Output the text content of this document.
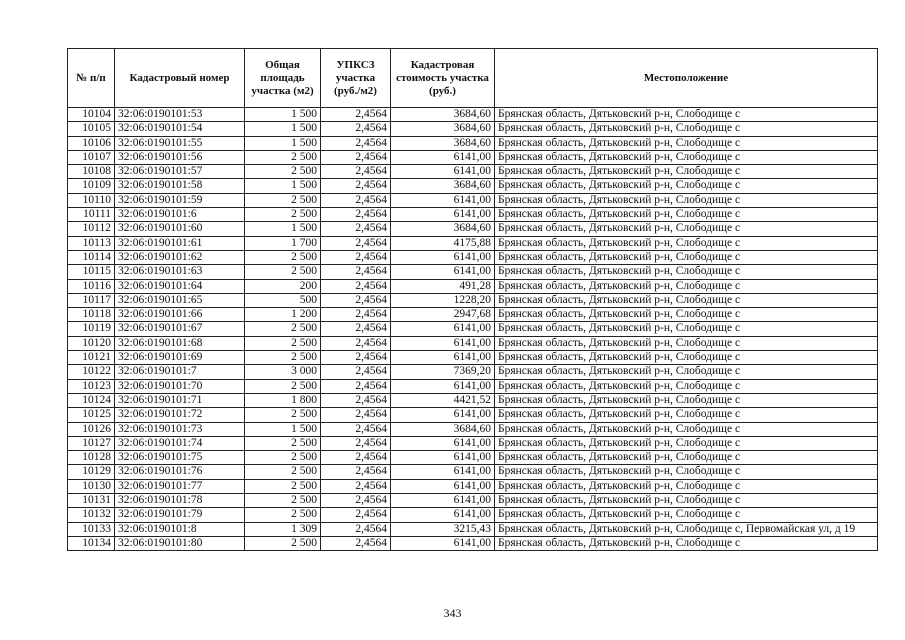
№ п/п	Кадастровый номер	Общая площадь участка (м2)	УПКСЗ участка (руб./м2)	Кадастровая стоимость участка (руб.)	Местоположение
10104	32:06:0190101:53	1 500	2,4564	3684,60	Брянская область, Дятьковский р-н, Слободище с
10105	32:06:0190101:54	1 500	2,4564	3684,60	Брянская область, Дятьковский р-н, Слободище с
10106	32:06:0190101:55	1 500	2,4564	3684,60	Брянская область, Дятьковский р-н, Слободище с
10107	32:06:0190101:56	2 500	2,4564	6141,00	Брянская область, Дятьковский р-н, Слободище с
10108	32:06:0190101:57	2 500	2,4564	6141,00	Брянская область, Дятьковский р-н, Слободище с
10109	32:06:0190101:58	1 500	2,4564	3684,60	Брянская область, Дятьковский р-н, Слободище с
10110	32:06:0190101:59	2 500	2,4564	6141,00	Брянская область, Дятьковский р-н, Слободище с
10111	32:06:0190101:6	2 500	2,4564	6141,00	Брянская область, Дятьковский р-н, Слободище с
10112	32:06:0190101:60	1 500	2,4564	3684,60	Брянская область, Дятьковский р-н, Слободище с
10113	32:06:0190101:61	1 700	2,4564	4175,88	Брянская область, Дятьковский р-н, Слободище с
10114	32:06:0190101:62	2 500	2,4564	6141,00	Брянская область, Дятьковский р-н, Слободище с
10115	32:06:0190101:63	2 500	2,4564	6141,00	Брянская область, Дятьковский р-н, Слободище с
10116	32:06:0190101:64	200	2,4564	491,28	Брянская область, Дятьковский р-н, Слободище с
10117	32:06:0190101:65	500	2,4564	1228,20	Брянская область, Дятьковский р-н, Слободище с
10118	32:06:0190101:66	1 200	2,4564	2947,68	Брянская область, Дятьковский р-н, Слободище с
10119	32:06:0190101:67	2 500	2,4564	6141,00	Брянская область, Дятьковский р-н, Слободище с
10120	32:06:0190101:68	2 500	2,4564	6141,00	Брянская область, Дятьковский р-н, Слободище с
10121	32:06:0190101:69	2 500	2,4564	6141,00	Брянская область, Дятьковский р-н, Слободище с
10122	32:06:0190101:7	3 000	2,4564	7369,20	Брянская область, Дятьковский р-н, Слободище с
10123	32:06:0190101:70	2 500	2,4564	6141,00	Брянская область, Дятьковский р-н, Слободище с
10124	32:06:0190101:71	1 800	2,4564	4421,52	Брянская область, Дятьковский р-н, Слободище с
10125	32:06:0190101:72	2 500	2,4564	6141,00	Брянская область, Дятьковский р-н, Слободище с
10126	32:06:0190101:73	1 500	2,4564	3684,60	Брянская область, Дятьковский р-н, Слободище с
10127	32:06:0190101:74	2 500	2,4564	6141,00	Брянская область, Дятьковский р-н, Слободище с
10128	32:06:0190101:75	2 500	2,4564	6141,00	Брянская область, Дятьковский р-н, Слободище с
10129	32:06:0190101:76	2 500	2,4564	6141,00	Брянская область, Дятьковский р-н, Слободище с
10130	32:06:0190101:77	2 500	2,4564	6141,00	Брянская область, Дятьковский р-н, Слободище с
10131	32:06:0190101:78	2 500	2,4564	6141,00	Брянская область, Дятьковский р-н, Слободище с
10132	32:06:0190101:79	2 500	2,4564	6141,00	Брянская область, Дятьковский р-н, Слободище с
10133	32:06:0190101:8	1 309	2,4564	3215,43	Брянская область, Дятьковский р-н, Слободище с, Первомайская ул, д 19
10134	32:06:0190101:80	2 500	2,4564	6141,00	Брянская область, Дятьковский р-н, Слободище с
343
